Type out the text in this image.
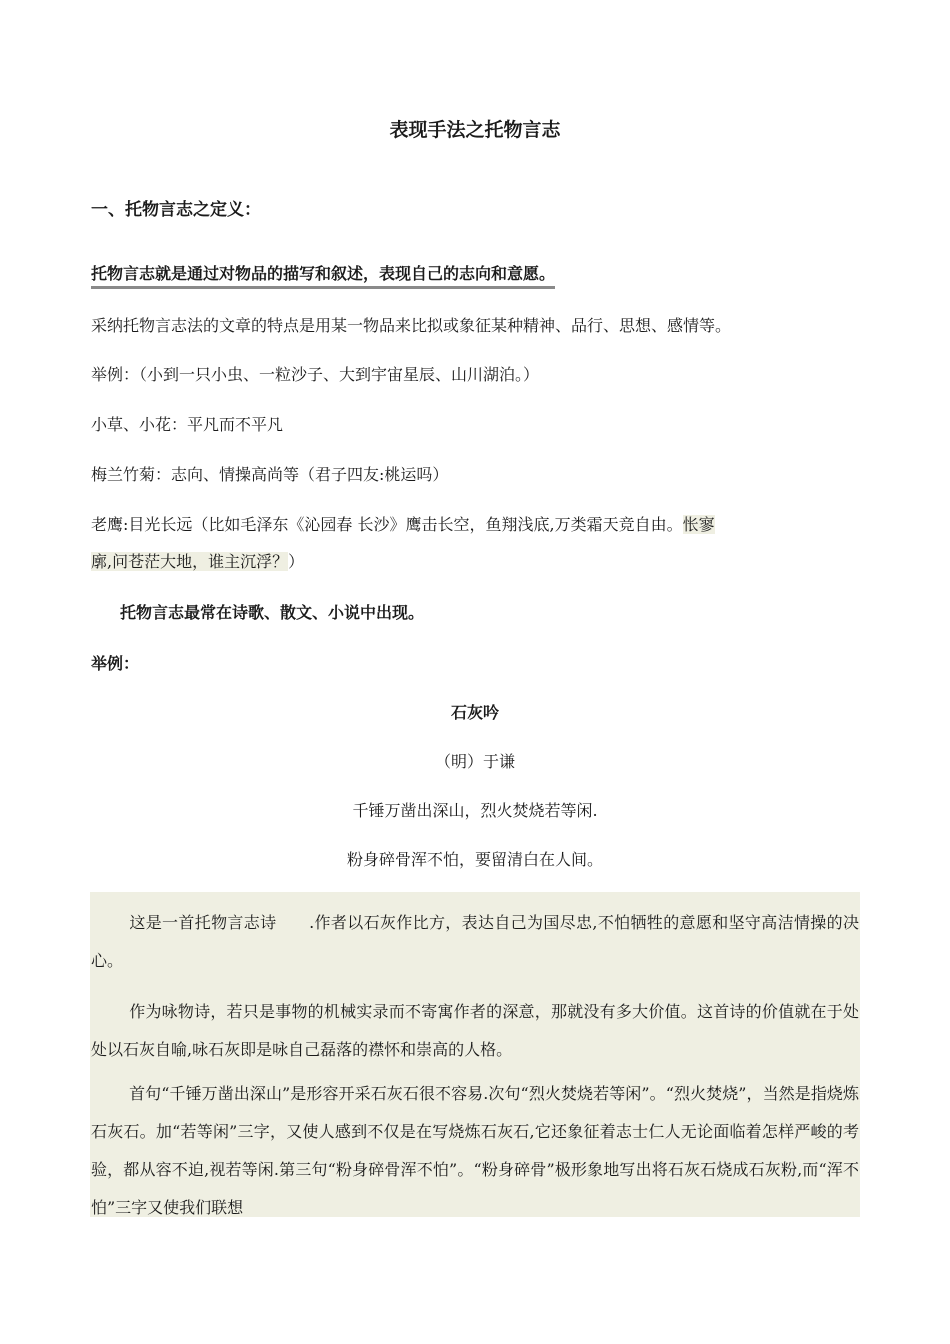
表现手法之托物言志
一、托物言志之定义：
托物言志就是通过对物品的描写和叙述，表现自己的志向和意愿。
采纳托物言志法的文章的特点是用某一物品来比拟或象征某种精神、品行、思想、感情等。
举例：（小到一只小虫、一粒沙子、大到宇宙星辰、山川湖泊。）
小草、小花：平凡而不平凡
梅兰竹菊：志向、情操高尚等（君子四友:桃运吗）
老鹰:目光长远（比如毛泽东《沁园春 长沙》鹰击长空，鱼翔浅底,万类霜天竞自由。怅寥
廓,问苍茫大地，谁主沉浮？）
托物言志最常在诗歌、散文、小说中出现。
举例：
石灰吟
（明）于谦
千锤万凿出深山，烈火焚烧若等闲.
粉身碎骨浑不怕，要留清白在人间。
这是一首托物言志诗　　.作者以石灰作比方，表达自己为国尽忠,不怕牺牲的意愿和坚守高洁情操的决心。
作为咏物诗，若只是事物的机械实录而不寄寓作者的深意，那就没有多大价值。这首诗的价值就在于处处以石灰自喻,咏石灰即是咏自己磊落的襟怀和崇高的人格。
首句“千锤万凿出深山”是形容开采石灰石很不容易.次句“烈火焚烧若等闲”。“烈火焚烧”，当然是指烧炼石灰石。加“若等闲”三字，又使人感到不仅是在写烧炼石灰石,它还象征着志士仁人无论面临着怎样严峻的考验，都从容不迫,视若等闲.第三句“粉身碎骨浑不怕”。“粉身碎骨”极形象地写出将石灰石烧成石灰粉,而“浑不怕”三字又使我们联想
